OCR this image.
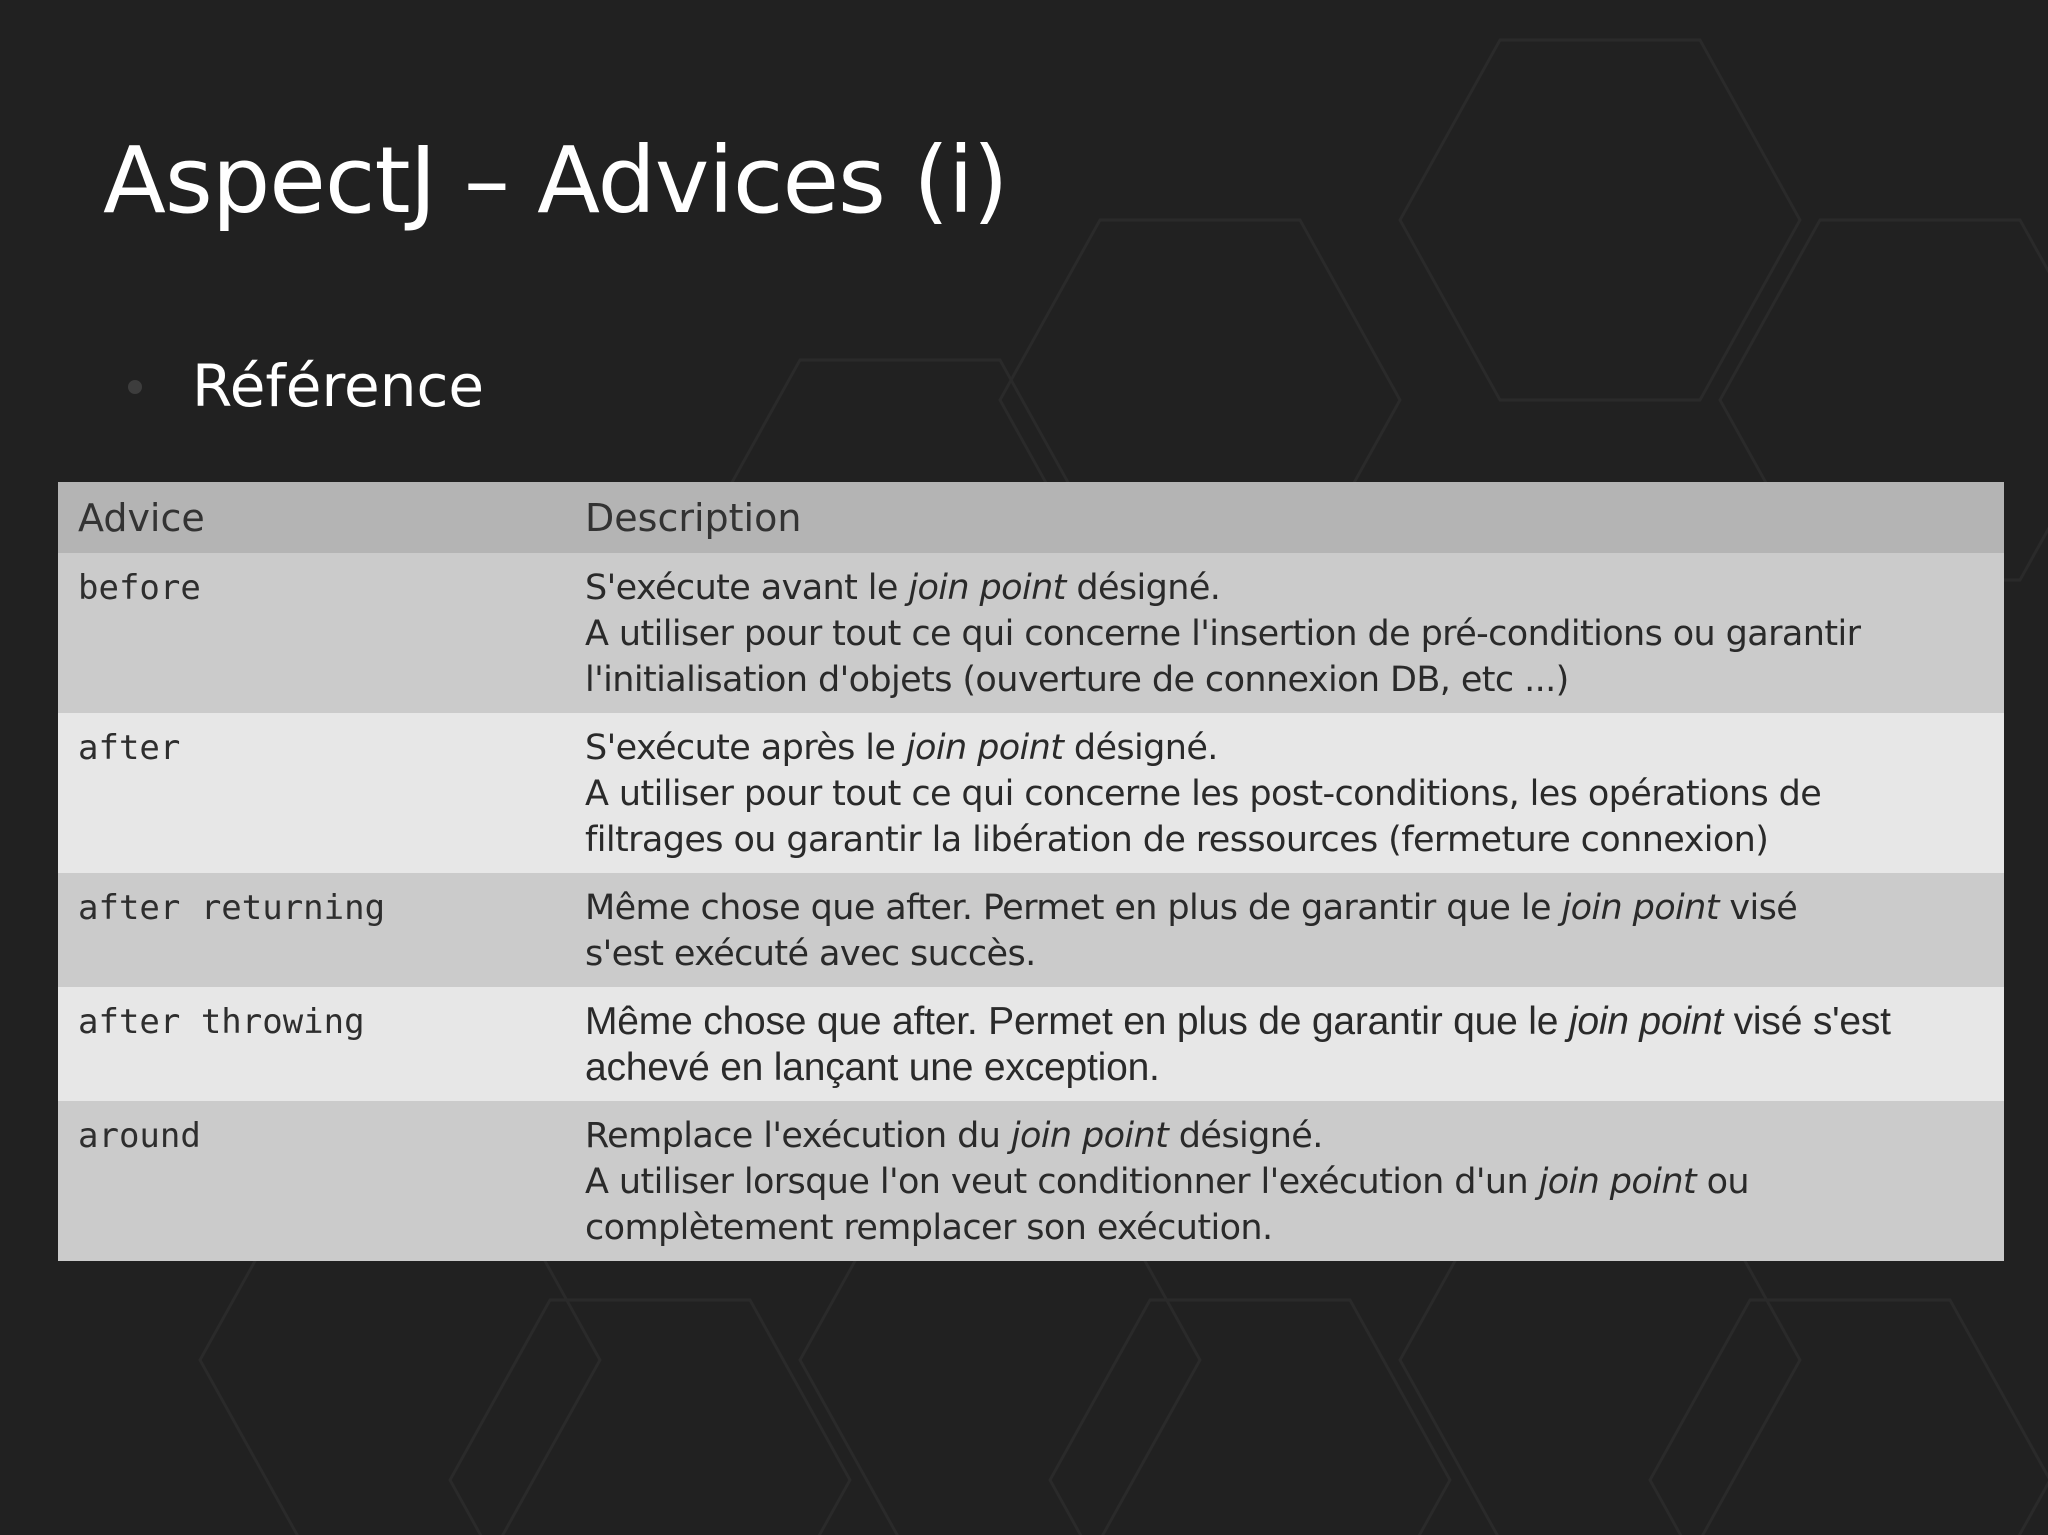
AspectJ – Advices (i)
Référence
Advice	Description
before	S'exécute avant le join point désigné.
A utiliser pour tout ce qui concerne l'insertion de pré-conditions ou garantir
l'initialisation d'objets (ouverture de connexion DB, etc ...)

after	S'exécute après le join point désigné.
A utiliser pour tout ce qui concerne les post-conditions, les opérations de
filtrages ou garantir la libération de ressources (fermeture connexion)

after returning	Même chose que after. Permet en plus de garantir que le join point visé
s'est exécuté avec succès.

after throwing	Même chose que after. Permet en plus de garantir que le join point visé s'est
achevé en lançant une exception.

around	Remplace l'exécution du join point désigné.
A utiliser lorsque l'on veut conditionner l'exécution d'un join point ou
complètement remplacer son exécution.
